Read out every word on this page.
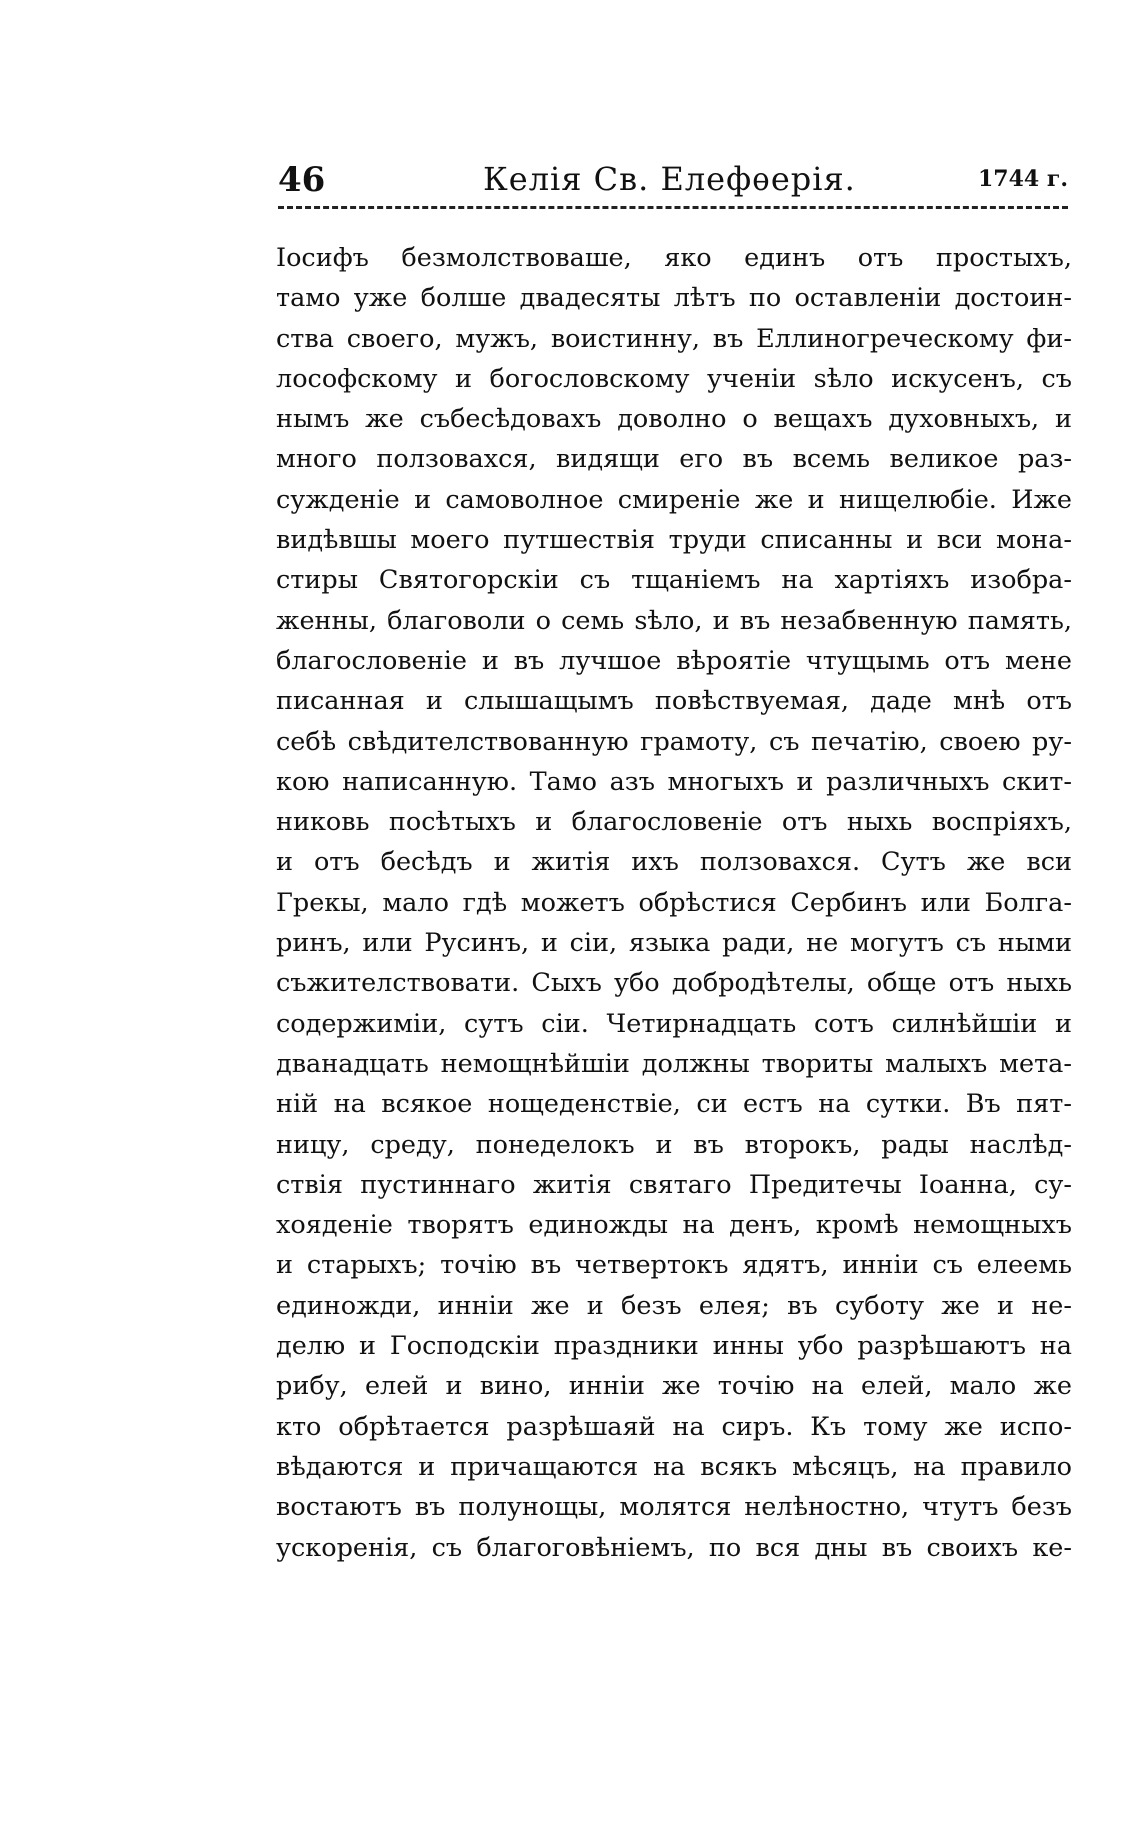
46	Келія Св. Елефѳерія.	1744 г.
Іосифъ безмолствоваше, яко единъ отъ простыхъ,
тамо уже болше двадесяты лѣтъ по оставленіи достоин-
ства своего, мужъ, воистинну, въ Еллиногреческому фи-
лософскому и богословскому ученіи ѕѣло искусенъ, съ
нымъ же събесѣдовахъ доволно о вещахъ духовныхъ, и
много ползовахся, видящи его въ всемь великое раз-
сужденіе и самоволное смиреніе же и нищелюбіе. Иже
видѣвшы моего путшествія труди списанны и вси мона-
стиры Святогорскіи съ тщаніемъ на хартіяхъ изобра-
женны, благоволи о семь ѕѣло, и въ незабвенную память,
благословеніе и въ лучшое вѣроятіе чтущымь отъ мене
писанная и слышащымъ повѣствуемая, даде мнѣ отъ
себѣ свѣдителствованную грамоту, съ печатію, своею ру-
кою написанную. Тамо азъ многыхъ и различныхъ скит-
никовь посѣтыхъ и благословеніе отъ ныхь воспріяхъ,
и отъ бесѣдъ и житія ихъ ползовахся. Сутъ же вси
Грекы, мало гдѣ можетъ обрѣстися Сербинъ или Болга-
ринъ, или Русинъ, и сіи, языка ради, не могутъ съ ными
съжителствовати. Сыхъ убо добродѣтелы, обще отъ ныхь
содержиміи, сутъ сіи. Четирнадцать сотъ силнѣйшіи и
дванадцать немощнѣйшіи должны твориты малыхъ мета-
ній на всякое нощеденствіе, си естъ на сутки. Въ пят-
ницу, среду, понеделокъ и въ второкъ, рады наслѣд-
ствія пустиннаго житія святаго Предитечы Іоанна, су-
хояденіе творятъ единожды на денъ, кромѣ немощныхъ
и старыхъ; точію въ четвертокъ ядятъ, инніи съ елеемь
единожди, инніи же и безъ елея; въ суботу же и не-
делю и Господскіи праздники инны убо разрѣшаютъ на
рибу, елей и вино, инніи же точію на елей, мало же
кто обрѣтается разрѣшаяй на сиръ. Къ тому же испо-
вѣдаются и причащаются на всякъ мѣсяцъ, на правило
востаютъ въ полунощы, молятся нелѣностно, чтутъ безъ
ускоренія, съ благоговѣніемъ, по вся дны въ своихъ ке-
